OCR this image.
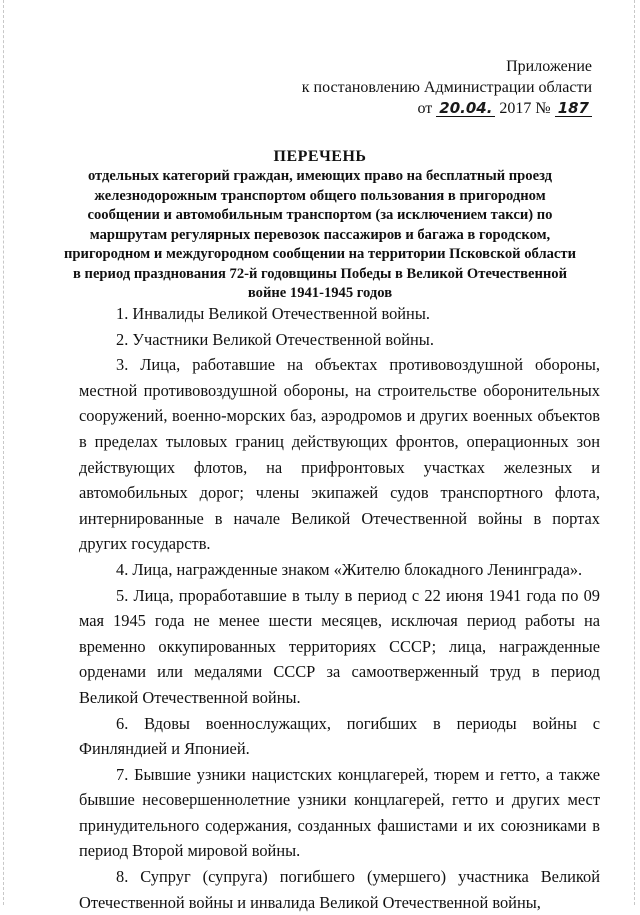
Приложение
к постановлению Администрации области
от 20.04. 2017 № 187
ПЕРЕЧЕНЬ
отдельных категорий граждан, имеющих право на бесплатный проезд железнодорожным транспортом общего пользования в пригородном сообщении и автомобильным транспортом (за исключением такси) по маршрутам регулярных перевозок пассажиров и багажа в городском, пригородном и междугородном сообщении на территории Псковской области в период празднования 72-й годовщины Победы в Великой Отечественной войне 1941-1945 годов

1. Инвалиды Великой Отечественной войны.

2. Участники Великой Отечественной войны.

3. Лица, работавшие на объектах противовоздушной обороны, местной противовоздушной обороны, на строительстве оборонительных сооружений, военно-морских баз, аэродромов и других военных объектов в пределах тыловых границ действующих фронтов, операционных зон действующих флотов, на прифронтовых участках железных и автомобильных дорог; члены экипажей судов транспортного флота, интернированные в начале Великой Отечественной войны в портах других государств.

4. Лица, награжденные знаком «Жителю блокадного Ленинграда».

5. Лица, проработавшие в тылу в период с 22 июня 1941 года по 09 мая 1945 года не менее шести месяцев, исключая период работы на временно оккупированных территориях СССР; лица, награжденные орденами или медалями СССР за самоотверженный труд в период Великой Отечественной войны.

6. Вдовы военнослужащих, погибших в периоды войны с Финляндией и Японией.

7. Бывшие узники нацистских концлагерей, тюрем и гетто, а также бывшие несовершеннолетние узники концлагерей, гетто и других мест принудительного содержания, созданных фашистами и их союзниками в период Второй мировой войны.

8. Супруг (супруга) погибшего (умершего) участника Великой Отечественной войны и инвалида Великой Отечественной войны,
